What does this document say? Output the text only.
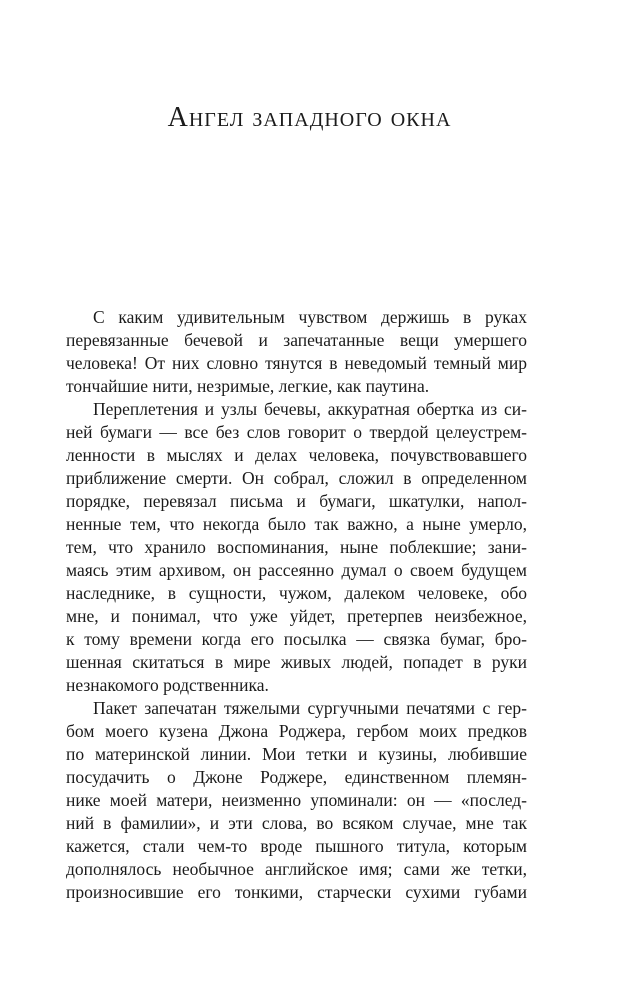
Ангел западного окна
С каким удивительным чувством держишь в руках
перевязанные бечевой и запечатанные вещи умершего
человека! От них словно тянутся в неведомый темный мир
тончайшие нити, незримые, легкие, как паутина.
Переплетения и узлы бечевы, аккуратная обертка из си-
ней бумаги — все без слов говорит о твердой целеустрем-
ленности в мыслях и делах человека, почувствовавшего
приближение смерти. Он собрал, сложил в определенном
порядке, перевязал письма и бумаги, шкатулки, напол-
ненные тем, что некогда было так важно, а ныне умерло,
тем, что хранило воспоминания, ныне поблекшие; зани-
маясь этим архивом, он рассеянно думал о своем будущем
наследнике, в сущности, чужом, далеком человеке, обо
мне, и понимал, что уже уйдет, претерпев неизбежное,
к тому времени когда его посылка — связка бумаг, бро-
шенная скитаться в мире живых людей, попадет в руки
незнакомого родственника.
Пакет запечатан тяжелыми сургучными печатями с гер-
бом моего кузена Джона Роджера, гербом моих предков
по материнской линии. Мои тетки и кузины, любившие
посудачить о Джоне Роджере, единственном племян-
нике моей матери, неизменно упоминали: он — «послед-
ний в фамилии», и эти слова, во всяком случае, мне так
кажется, стали чем-то вроде пышного титула, которым
дополнялось необычное английское имя; сами же тетки,
произносившие его тонкими, старчески сухими губами
